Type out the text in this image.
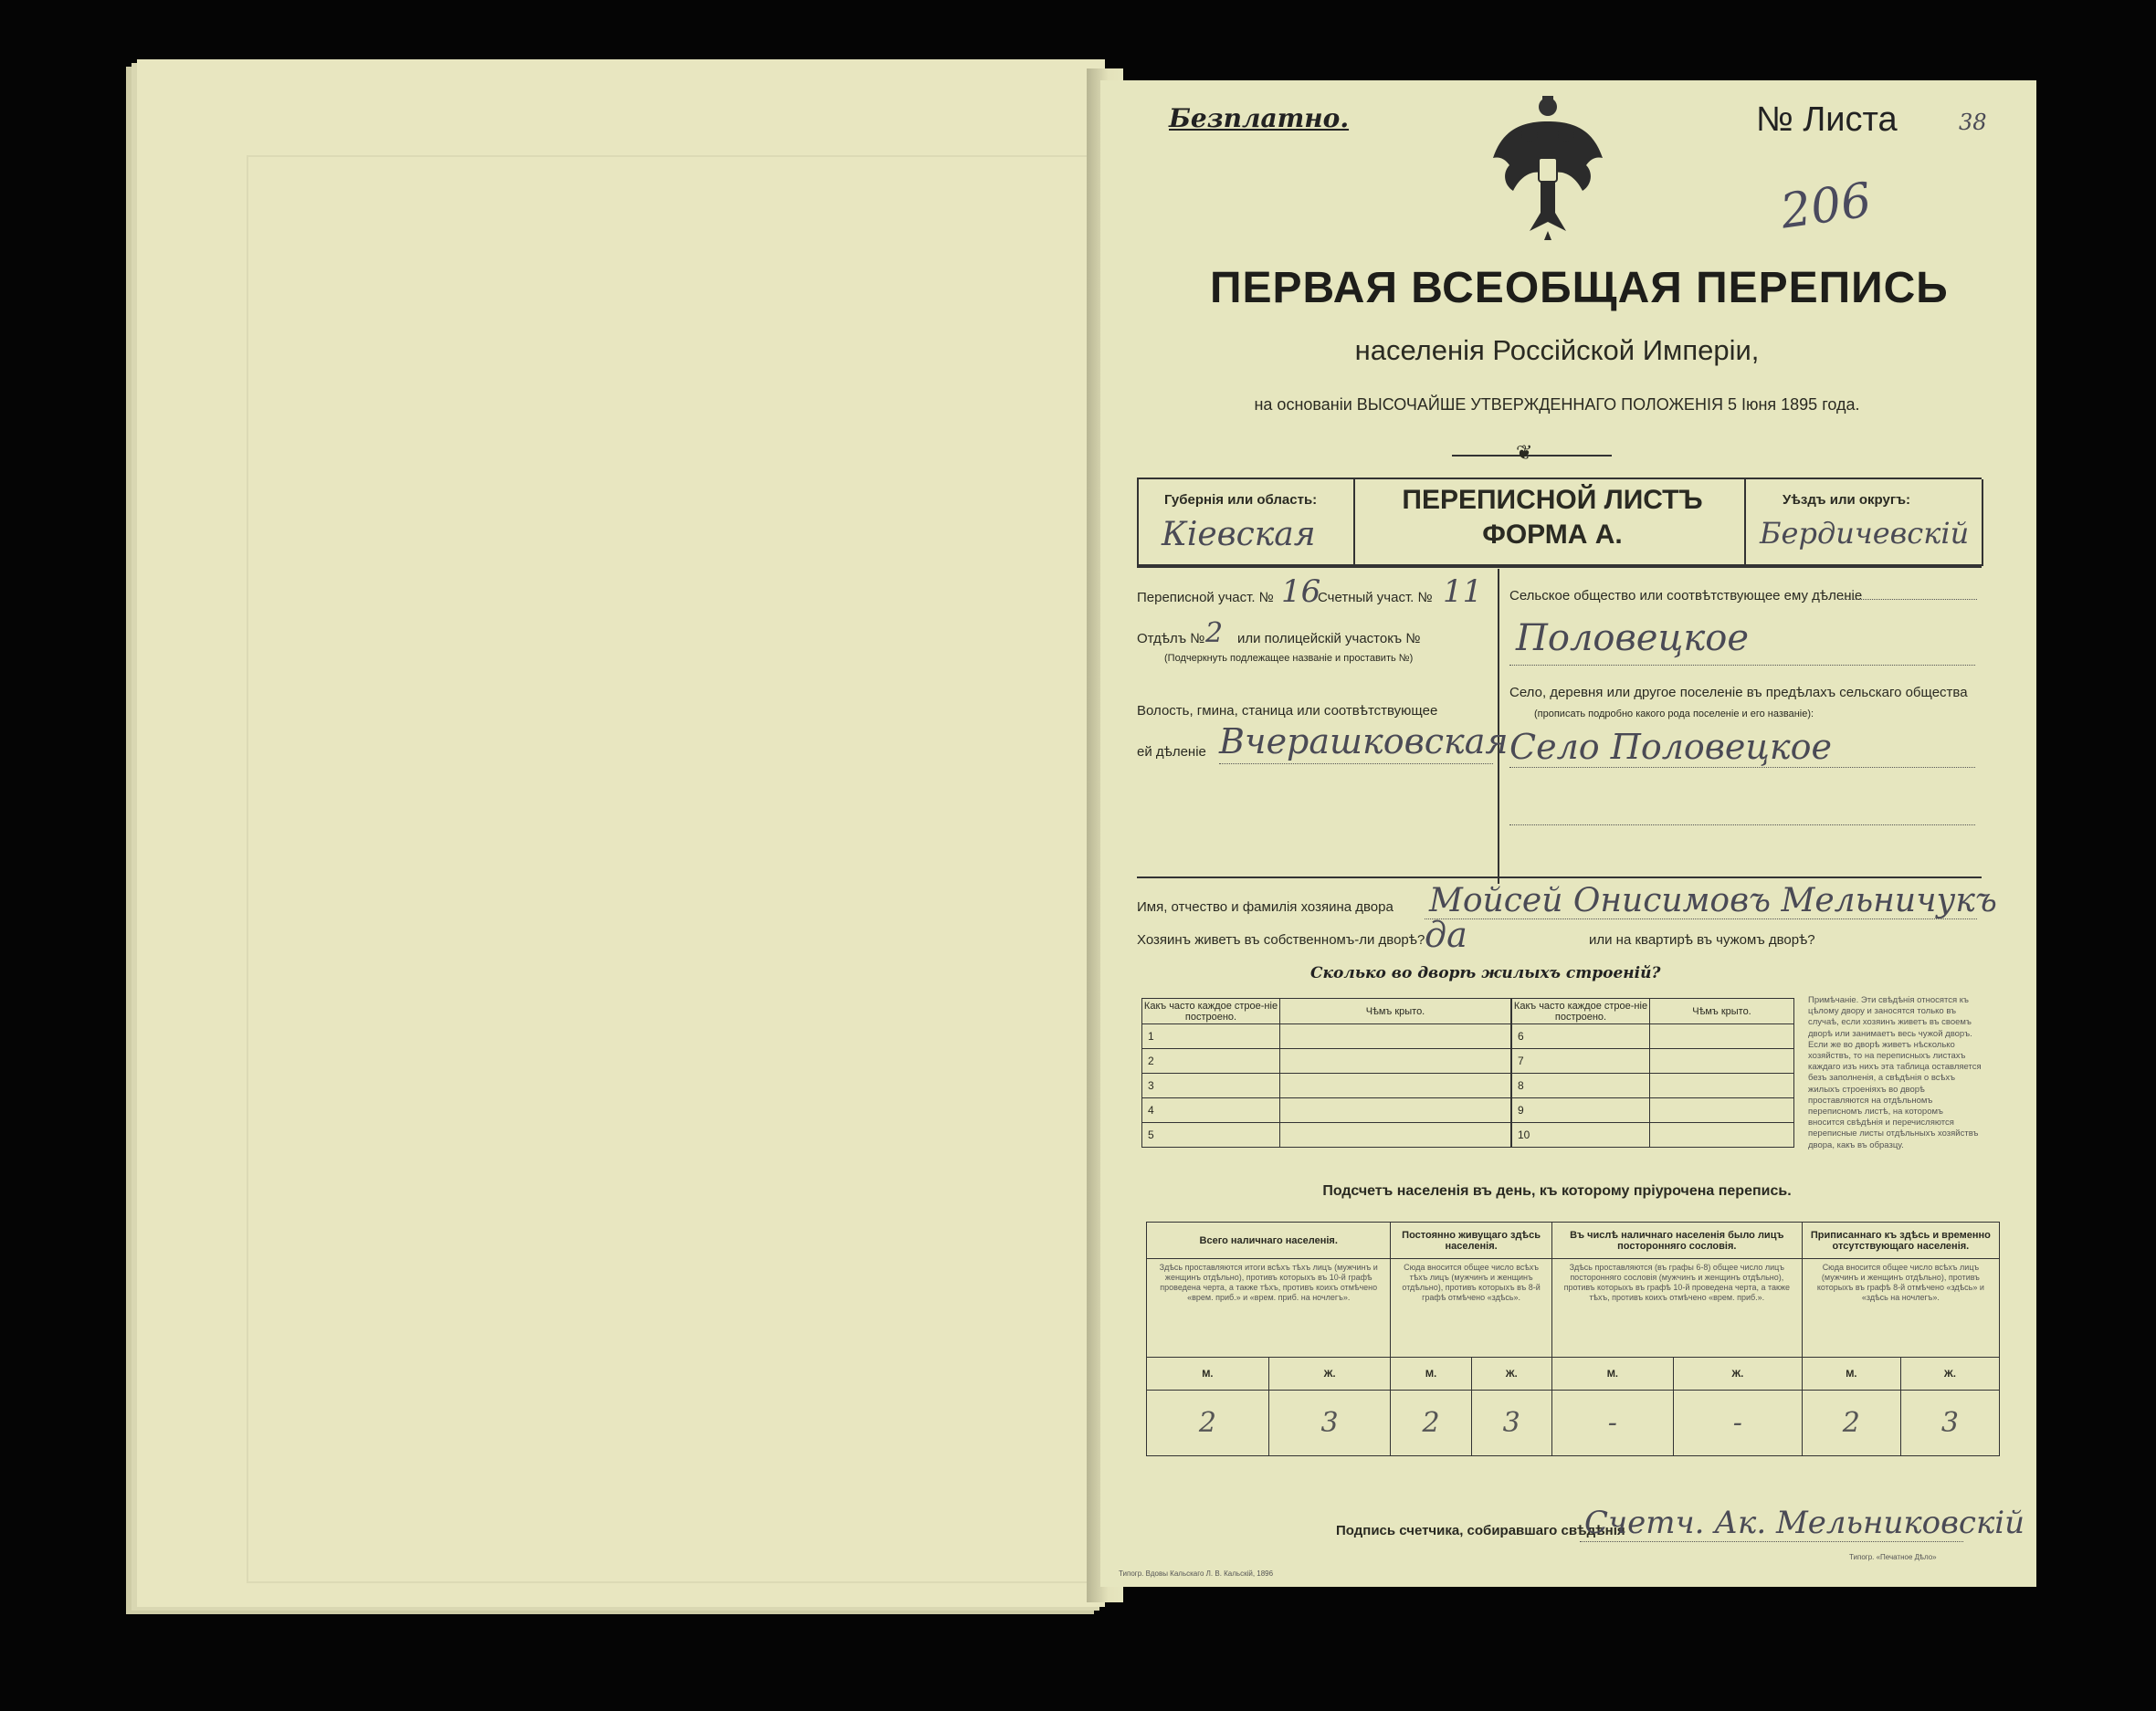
Безплатно.	№ Листа	38
206
ПЕРВАЯ ВСЕОБЩАЯ ПЕРЕПИСЬ
населенія Россійской Имперіи,
на основаніи ВЫСОЧАЙШЕ УТВЕРЖДЕННАГО ПОЛОЖЕНІЯ 5 Іюня 1895 года.
❦
Губернія или область:
Кіевская
ПЕРЕПИСНОЙ ЛИСТЪ
ФОРМА А.
Уѣздъ или округъ:
Бердичевскій
Переписной участ. № 16
Счетный участ. № 11
Отдѣлъ № 2 или полицейскій участокъ №
(Подчеркнуть подлежащее названіе и проставить №)
Волость, гмина, станица или соотвѣтствующее
ей дѣленіе Вчерашковская
Сельское общество или соотвѣтствующее ему дѣленіе
Половецкое
Село, деревня или другое поселеніе въ предѣлахъ сельскаго общества
(прописать подробно какого рода поселеніе и его названіе):
Село Половецкое
Имя, отчество и фамилія хозяина двора Мойсей Онисимовъ Мельничукъ
Хозяинъ живетъ въ собственномъ-ли дворѣ? да	или на квартирѣ въ чужомъ дворѣ?
Сколько во дворѣ жилыхъ строеній?
Какъ часто каждое строе-ніе построено.	Чѣмъ крыто.
1	
2	
3	
4	
5	
Какъ часто каждое строе-ніе построено.	Чѣмъ крыто.
6	
7	
8	
9	
10	
Примѣчаніе. Эти свѣдѣнія относятся къ цѣлому двору и заносятся только въ случаѣ, если хозяинъ живетъ въ своемъ дворѣ или занимаетъ весь чужой дворъ. Если же во дворѣ живетъ нѣсколько хозяйствъ, то на переписныхъ листахъ каждаго изъ нихъ эта таблица оставляется безъ заполненія, а свѣдѣнія о всѣхъ жилыхъ строеніяхъ во дворѣ проставляются на отдѣльномъ переписномъ листѣ, на которомъ вносится свѣдѣнія и перечисляются переписные листы отдѣльныхъ хозяйствъ двора, какъ въ образцу.
Подсчетъ населенія въ день, къ которому пріурочена перепись.
Всего наличнаго населенія.		Постоянно живущаго здѣсь населенія.		Въ числѣ наличнаго населенія было лицъ посторонняго сословія.		Приписаннаго къ здѣсь и временно отсутствующаго населенія.	
Здѣсь проставляются итоги всѣхъ тѣхъ лицъ (мужчинъ и женщинъ отдѣльно), противъ которыхъ въ 10-й графѣ проведена черта, а также тѣхъ, противъ коихъ отмѣчено «врем. приб.» и «врем. приб. на ночлегъ».		Сюда вносится общее число всѣхъ тѣхъ лицъ (мужчинъ и женщинъ отдѣльно), противъ которыхъ въ 8-й графѣ отмѣчено «здѣсь».		Здѣсь проставляются (въ графы 6-8) общее число лицъ посторонняго сословія (мужчинъ и женщинъ отдѣльно), противъ которыхъ въ графѣ 10-й проведена черта, а также тѣхъ, противъ коихъ отмѣчено «врем. приб.».		Сюда вносится общее число всѣхъ лицъ (мужчинъ и женщинъ отдѣльно), противъ которыхъ въ графѣ 8-й отмѣчено «здѣсь» и «здѣсь на ночлегъ».	
М.	Ж.	М.	Ж.	М.	Ж.	М.	Ж.
2	3	2	3	-	-	2	3
Подпись счетчика, собиравшаго свѣдѣнія
Счетч. Ак. Мельниковскій
Типогр. Вдовы Кальскаго Л. В. Кальскій, 1896
Типогр. «Печатное Дѣло»
